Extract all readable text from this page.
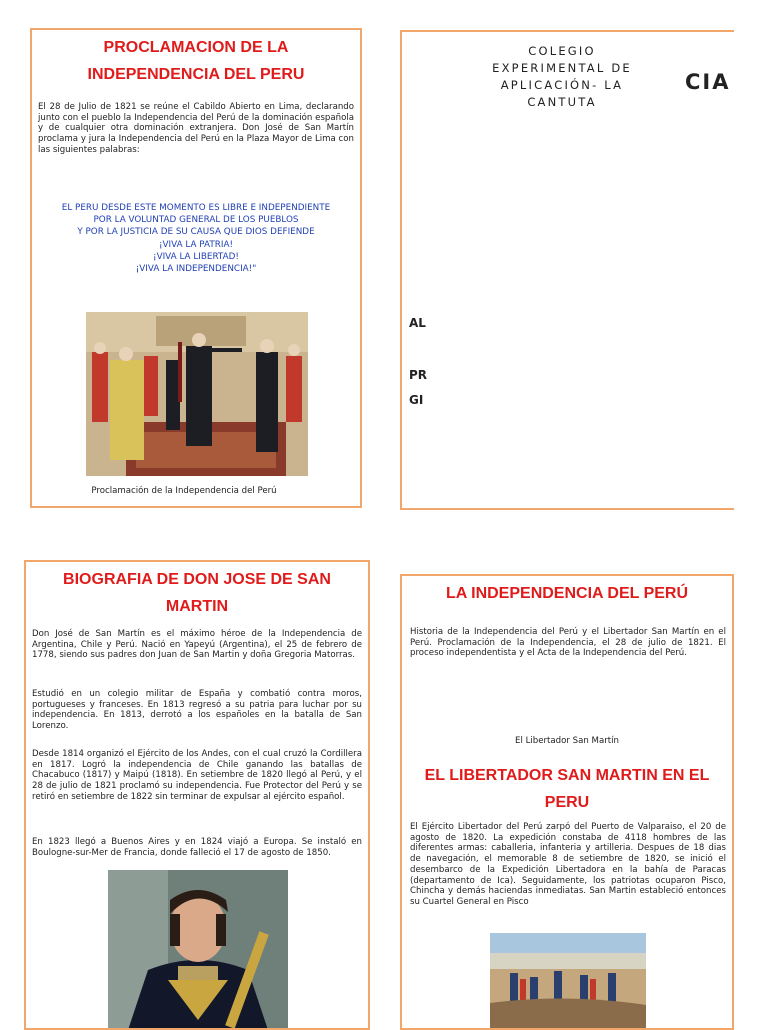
PROCLAMACION DE LA

INDEPENDENCIA DEL PERU

El 28 de Julio de 1821 se reúne el Cabildo Abierto en Lima, declarando junto con el pueblo la Independencia del Perú de la dominación española y de cualquier otra dominación extranjera. Don José de San Martín proclama y jura la Independencia del Perú en la Plaza Mayor de Lima con las siguientes palabras:

EL PERU DESDE ESTE MOMENTO ES LIBRE E INDEPENDIENTE

POR LA VOLUNTAD GENERAL DE LOS PUEBLOS

Y POR LA JUSTICIA DE SU CAUSA QUE DIOS DEFIENDE

¡VIVA LA PATRIA!

¡VIVA LA LIBERTAD!

¡VIVA LA INDEPENDENCIA!"

Proclamación de la Independencia del Perú

COLEGIO
EXPERIMENTAL DE
APLICACIÓN- LA
CANTUTA
CIA
AL
PR
GI

BIOGRAFIA DE DON JOSE DE SAN

MARTIN

Don José de San Martín es el máximo héroe de la Independencia de Argentina, Chile y Perú. Nació en Yapeyú (Argentina), el 25 de febrero de 1778, siendo sus padres don Juan de San Martin y doña Gregoria Matorras.

Estudió en un colegio militar de España y combatió contra moros, portugueses y franceses. En 1813 regresó a su patria para luchar por su independencia. En 1813, derrotó a los españoles en la batalla de San Lorenzo.

Desde 1814 organizó el Ejército de los Andes, con el cual cruzó la Cordillera en 1817. Logró la independencia de Chile ganando las batallas de Chacabuco (1817) y Maipú (1818). En setiembre de 1820 llegó al Perú, y el 28 de julio de 1821 proclamó su independencia. Fue Protector del Perú y se retiró en setiembre de 1822 sin terminar de expulsar al ejército español.

En 1823 llegó a Buenos Aires y en 1824 viajó a Europa. Se instaló en Boulogne-sur-Mer de Francia, donde falleció el 17 de agosto de 1850.

LA INDEPENDENCIA DEL PERÚ

Historia de la Independencia del Perú y el Libertador San Martín en el Perú. Proclamación de la Independencia, el 28 de julio de 1821. El proceso independentista y el Acta de la Independencia del Perú.

El Libertador San Martín

EL LIBERTADOR SAN MARTIN EN EL

PERU

El Ejército Libertador del Perú zarpó del Puerto de Valparaiso, el 20 de agosto de 1820. La expedición constaba de 4118 hombres de las diferentes armas: caballeria, infanteria y artilleria. Despues de 18 dias de navegación, el memorable 8 de setiembre de 1820, se inició el desembarco de la Expedición Libertadora en la bahía de Paracas (departamento de Ica). Seguidamente, los patriotas ocuparon Pisco, Chincha y demás haciendas inmediatas. San Martin estableció entonces su Cuartel General en Pisco
